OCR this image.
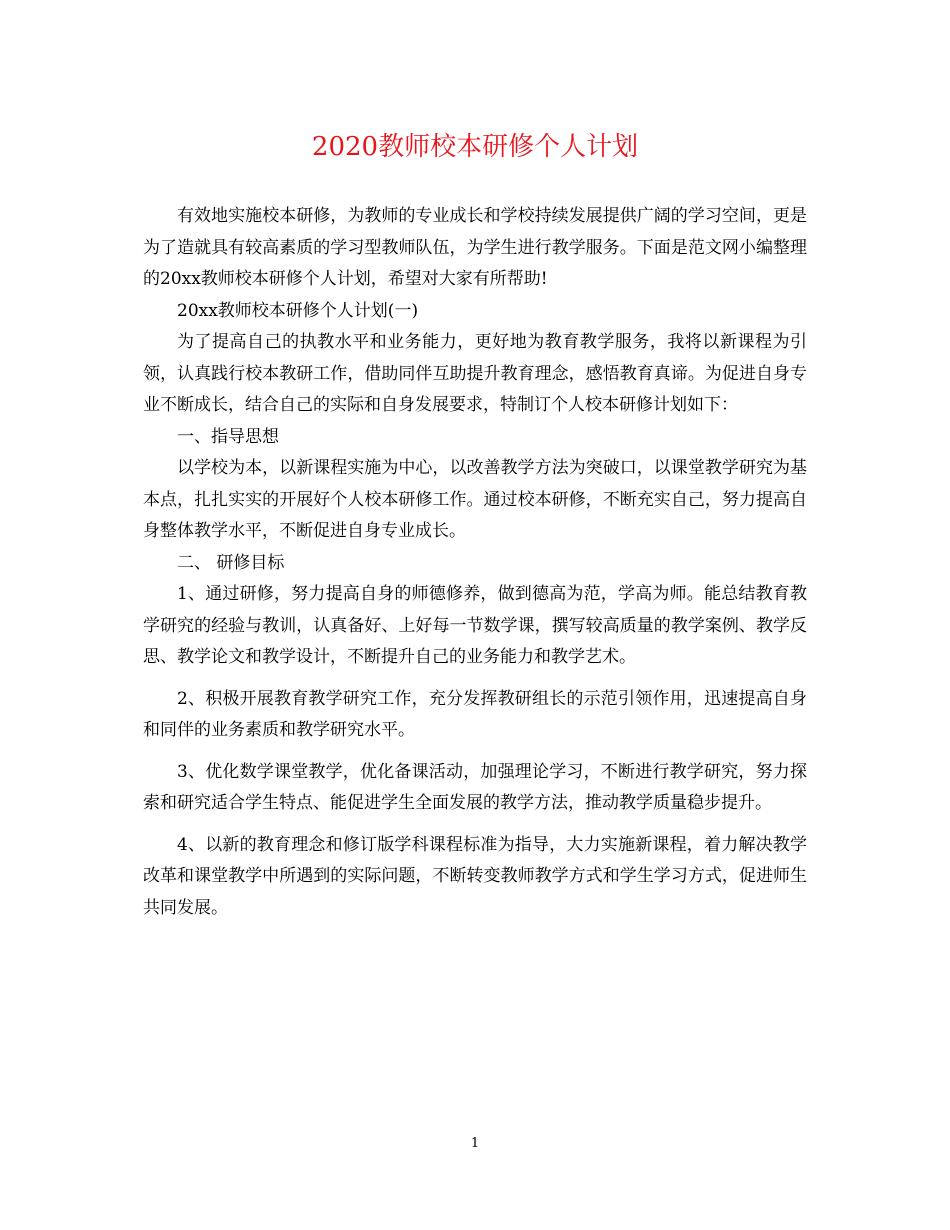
2020教师校本研修个人计划

有效地实施校本研修，为教师的专业成长和学校持续发展提供广阔的学习空间，更是为了造就具有较高素质的学习型教师队伍，为学生进行教学服务。下面是范文网小编整理的20xx教师校本研修个人计划，希望对大家有所帮助!

20xx教师校本研修个人计划(一)

为了提高自己的执教水平和业务能力，更好地为教育教学服务，我将以新课程为引领，认真践行校本教研工作，借助同伴互助提升教育理念，感悟教育真谛。为促进自身专业不断成长，结合自己的实际和自身发展要求，特制订个人校本研修计划如下：

一、指导思想

以学校为本，以新课程实施为中心，以改善教学方法为突破口，以课堂教学研究为基本点，扎扎实实的开展好个人校本研修工作。通过校本研修，不断充实自己，努力提高自身整体教学水平，不断促进自身专业成长。

二、 研修目标

1、通过研修，努力提高自身的师德修养，做到德高为范，学高为师。能总结教育教学研究的经验与教训，认真备好、上好每一节数学课，撰写较高质量的教学案例、教学反思、教学论文和教学设计，不断提升自己的业务能力和教学艺术。

2、积极开展教育教学研究工作，充分发挥教研组长的示范引领作用，迅速提高自身和同伴的业务素质和教学研究水平。

3、优化数学课堂教学，优化备课活动，加强理论学习，不断进行教学研究，努力探索和研究适合学生特点、能促进学生全面发展的教学方法，推动教学质量稳步提升。

4、以新的教育理念和修订版学科课程标准为指导，大力实施新课程，着力解决教学改革和课堂教学中所遇到的实际问题，不断转变教师教学方式和学生学习方式，促进师生共同发展。

1
